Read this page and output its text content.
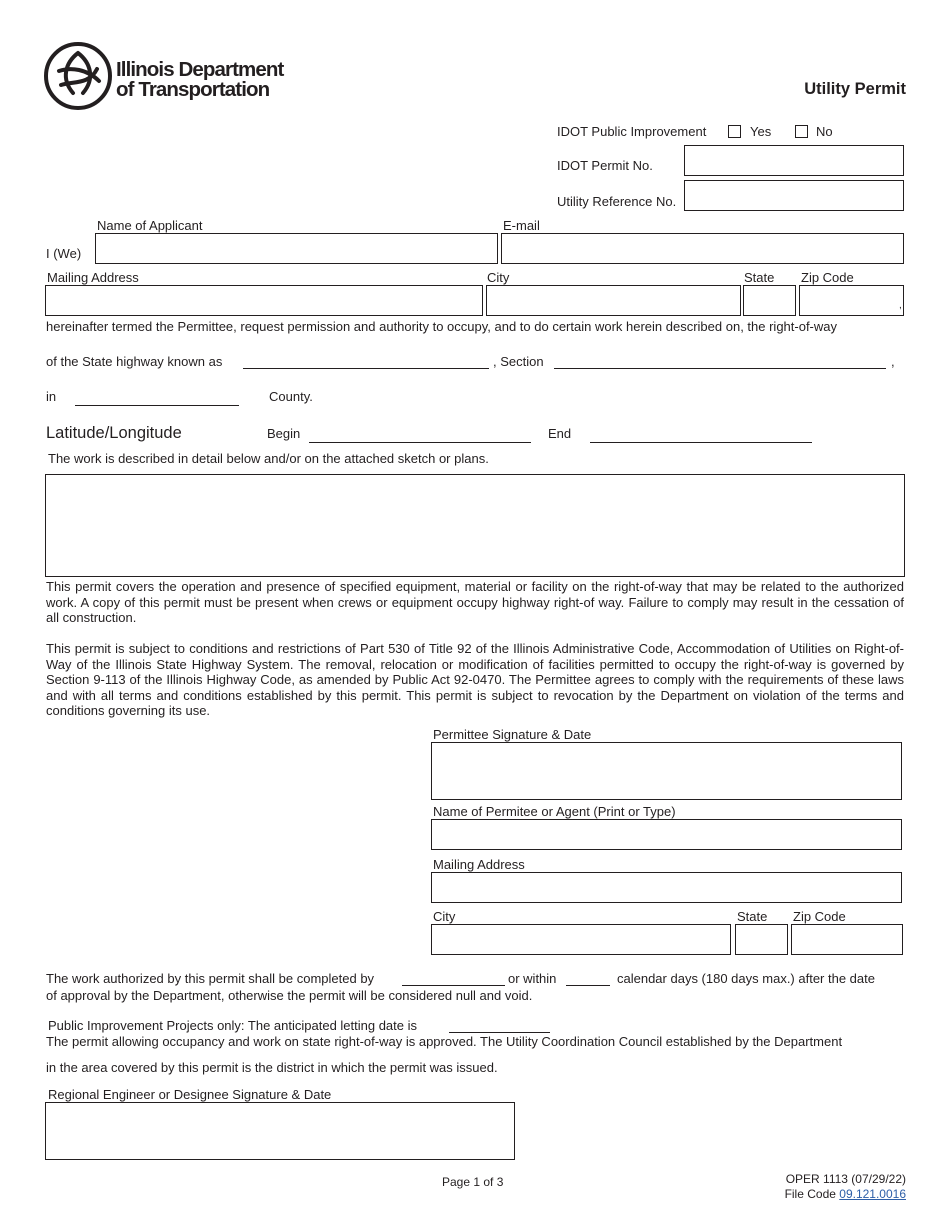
Illinois Department
of Transportation	Utility Permit
IDOT Public Improvement	Yes	No
IDOT Permit No.
Utility Reference No.
Name of Applicant	E-mail
I (We)
Mailing Address	City	State Zip Code
,
hereinafter termed the Permittee, request permission and authority to occupy, and to do certain work herein described on, the right-of-way
of the State highway known as	, Section	,
in	County.
Latitude/Longitude	Begin	End
The work is described in detail below and/or on the attached sketch or plans.
This permit covers the operation and presence of specified equipment, material or facility on the right-of-way that may be related to the authorized work. A copy of this permit must be present when crews or equipment occupy highway right-of way. Failure to comply may result in the cessation of all construction.
This permit is subject to conditions and restrictions of Part 530 of Title 92 of the Illinois Administrative Code, Accommodation of Utilities on Right-of-Way of the Illinois State Highway System. The removal, relocation or modification of facilities permitted to occupy the right-of-way is governed by Section 9-113 of the Illinois Highway Code, as amended by Public Act 92-0470. The Permittee agrees to comply with the requirements of these laws and with all terms and conditions established by this permit. This permit is subject to revocation by the Department on violation of the terms and conditions governing its use.
Permittee Signature & Date
Name of Permitee or Agent (Print or Type)
Mailing Address
City	State Zip Code
The work authorized by this permit shall be completed by	or within	calendar days (180 days max.) after the date
of approval by the Department, otherwise the permit will be considered null and void.
Public Improvement Projects only: The anticipated letting date is
The permit allowing occupancy and work on state right-of-way is approved. The Utility Coordination Council established by the Department
in the area covered by this permit is the district in which the permit was issued.
Regional Engineer or Designee Signature & Date
Page 1 of 3	OPER 1113 (07/29/22)
File Code 09.121.0016
